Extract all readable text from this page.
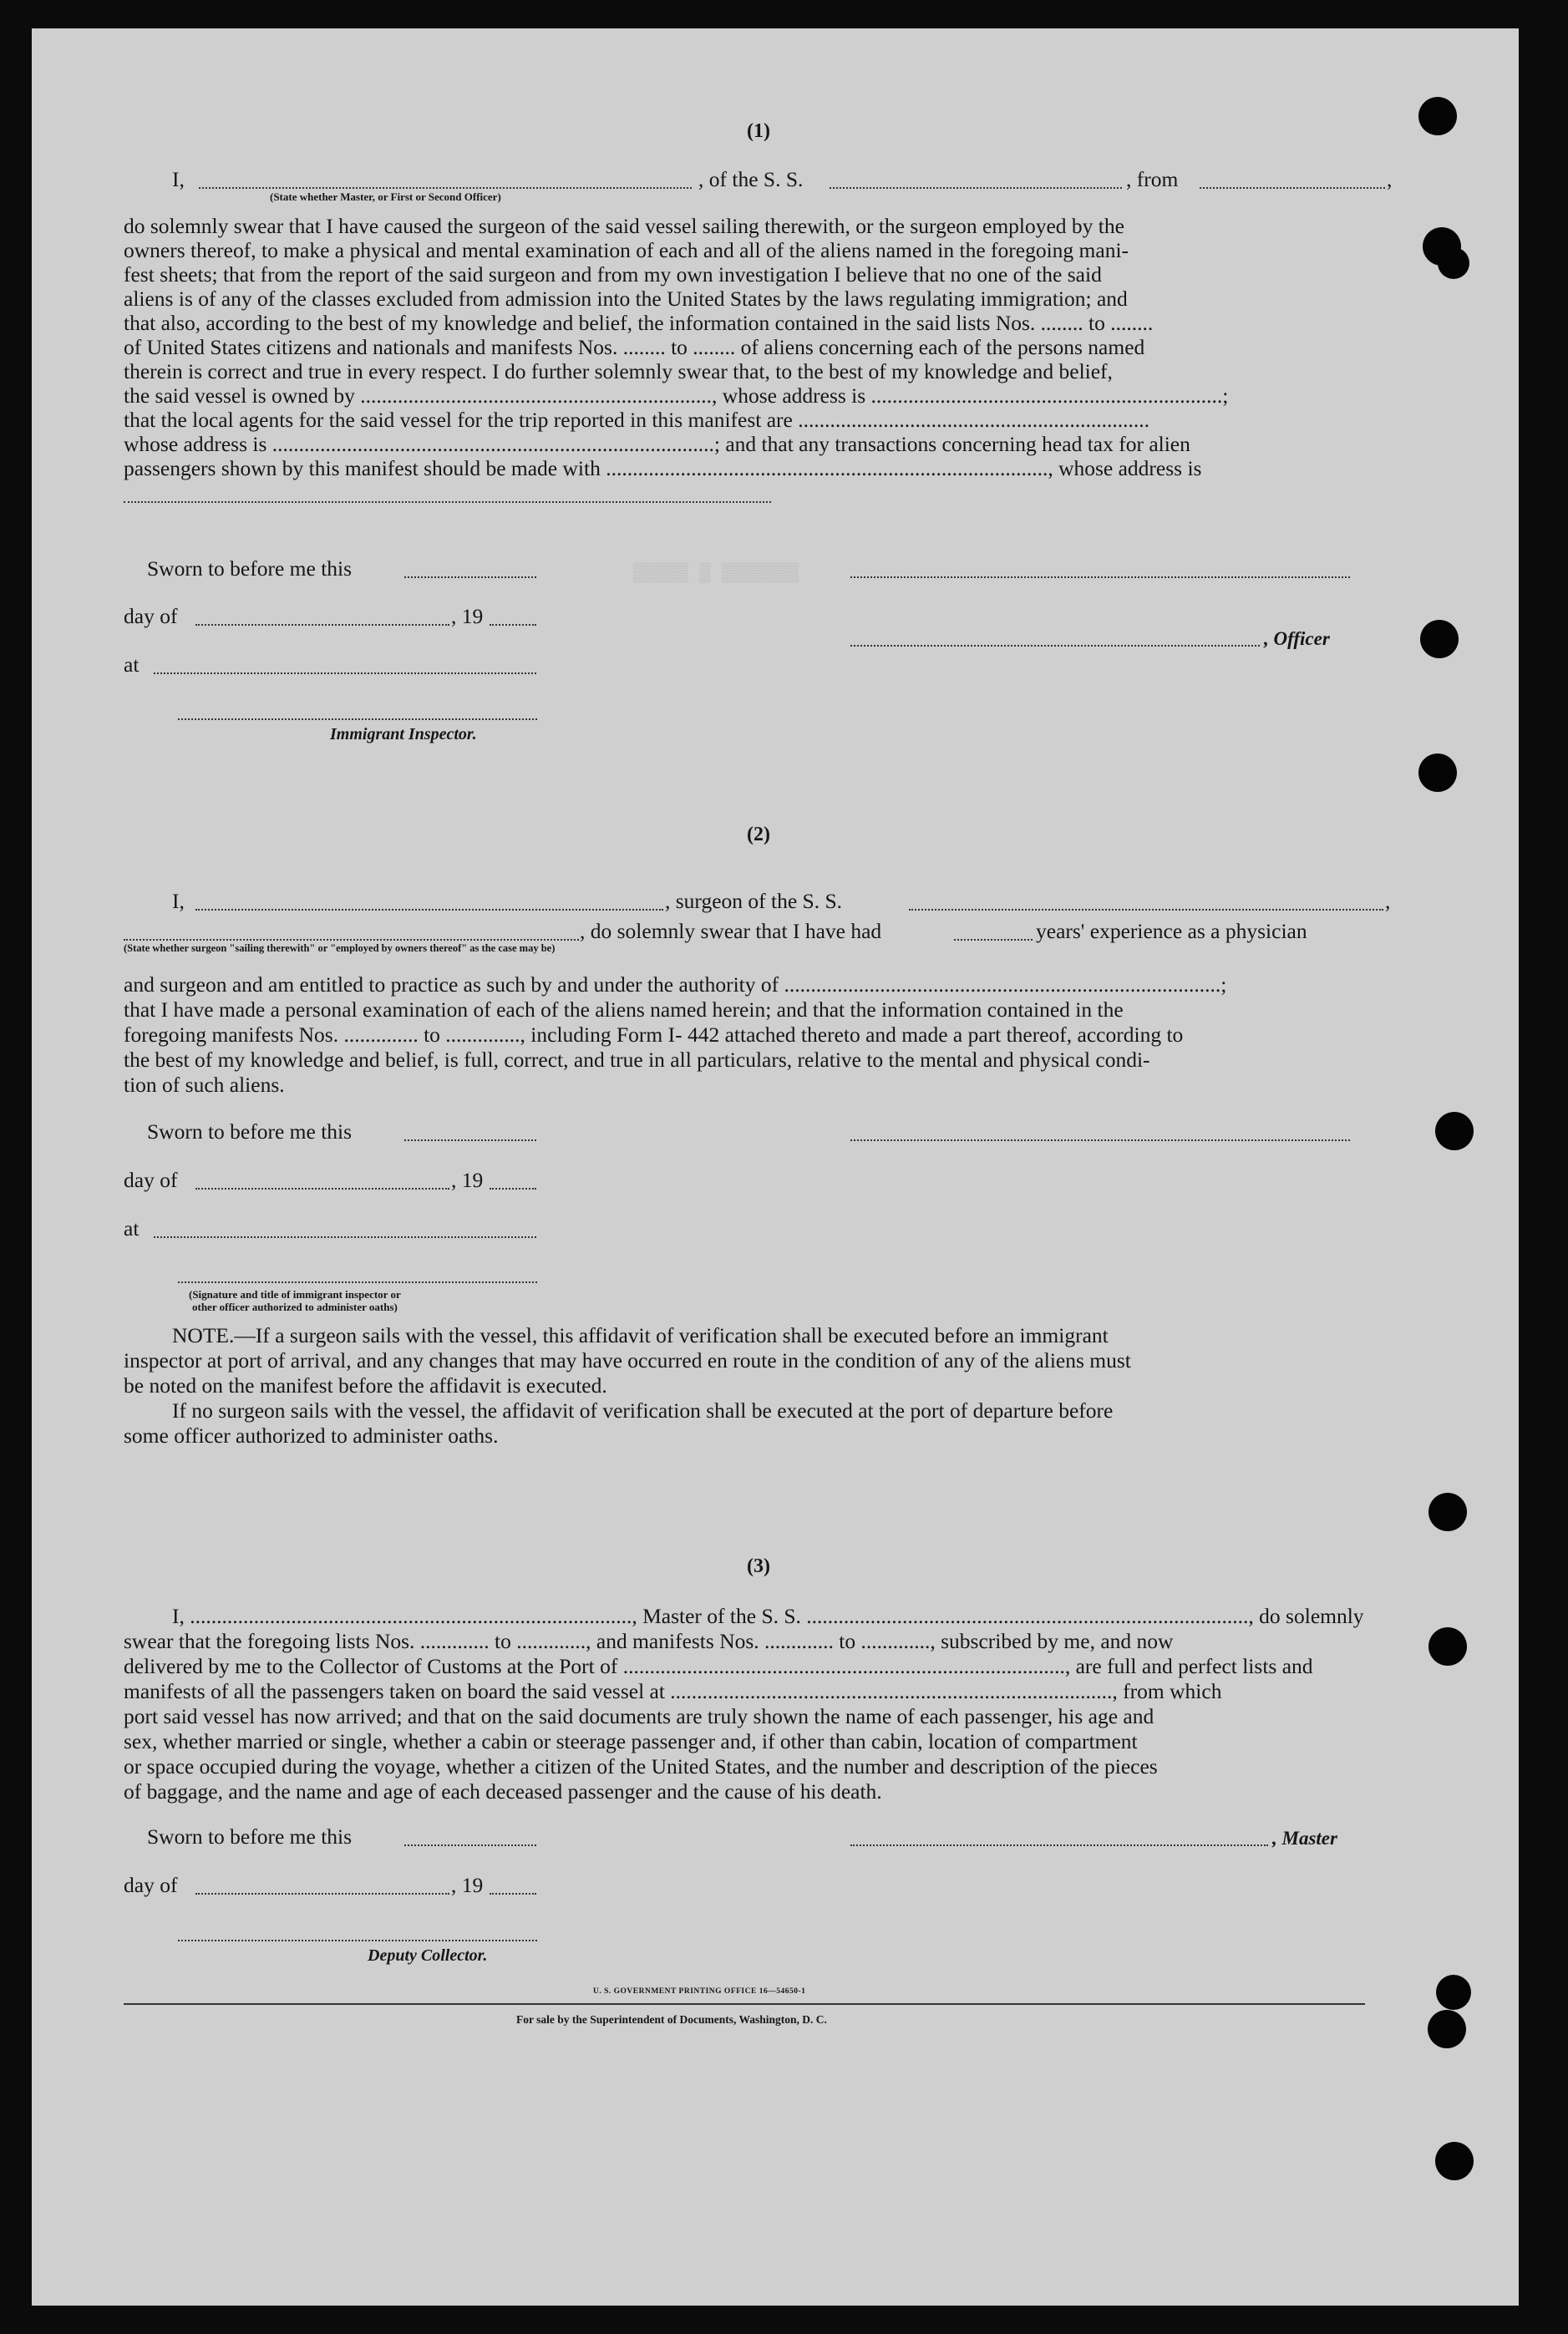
(1)
I,	, of the S. S.	, from	,
(State whether Master, or First or Second Officer)
do solemnly swear that I have caused the surgeon of the said vessel sailing therewith, or the surgeon employed by the
owners thereof, to make a physical and mental examination of each and all of the aliens named in the foregoing mani-
fest sheets; that from the report of the said surgeon and from my own investigation I believe that no one of the said
aliens is of any of the classes excluded from admission into the United States by the laws regulating immigration; and
that also, according to the best of my knowledge and belief, the information contained in the said lists Nos. ........ to ........
of United States citizens and nationals and manifests Nos. ........ to ........ of aliens concerning each of the persons named
therein is correct and true in every respect. I do further solemnly swear that, to the best of my knowledge and belief,
the said vessel is owned by .................................................................., whose address is ..................................................................;
that the local agents for the said vessel for the trip reported in this manifest are ..................................................................
whose address is ...................................................................................; and that any transactions concerning head tax for alien
passengers shown by this manifest should be made with ..................................................................................., whose address is
▒▒▒▒▒ ▒ ▒▒▒▒▒▒▒
Sworn to before me this
day of	, 19
, Officer
at
Immigrant Inspector.
(2)
I,	, surgeon of the S. S.	,
, do solemnly swear that I have had	years' experience as a physician
(State whether surgeon "sailing therewith" or "employed by owners thereof" as the case may be)
and surgeon and am entitled to practice as such by and under the authority of ..................................................................................;
that I have made a personal examination of each of the aliens named herein; and that the information contained in the
foregoing manifests Nos. .............. to .............., including Form I- 442 attached thereto and made a part thereof, according to
the best of my knowledge and belief, is full, correct, and true in all particulars, relative to the mental and physical condi-
tion of such aliens.
Sworn to before me this
day of	, 19
at
(Signature and title of immigrant inspector or
other officer authorized to administer oaths)
NOTE.—If a surgeon sails with the vessel, this affidavit of verification shall be executed before an immigrant
inspector at port of arrival, and any changes that may have occurred en route in the condition of any of the aliens must
be noted on the manifest before the affidavit is executed.
If no surgeon sails with the vessel, the affidavit of verification shall be executed at the port of departure before
some officer authorized to administer oaths.
(3)
I, ..................................................................................., Master of the S. S. ..................................................................................., do solemnly
swear that the foregoing lists Nos. ............. to ............., and manifests Nos. ............. to ............., subscribed by me, and now
delivered by me to the Collector of Customs at the Port of ..................................................................................., are full and perfect lists and
manifests of all the passengers taken on board the said vessel at ..................................................................................., from which
port said vessel has now arrived; and that on the said documents are truly shown the name of each passenger, his age and
sex, whether married or single, whether a cabin or steerage passenger and, if other than cabin, location of compartment
or space occupied during the voyage, whether a citizen of the United States, and the number and description of the pieces
of baggage, and the name and age of each deceased passenger and the cause of his death.
Sworn to before me this	, Master
day of	, 19
Deputy Collector.
U. S. GOVERNMENT PRINTING OFFICE 16—54650-1
For sale by the Superintendent of Documents, Washington, D. C.
